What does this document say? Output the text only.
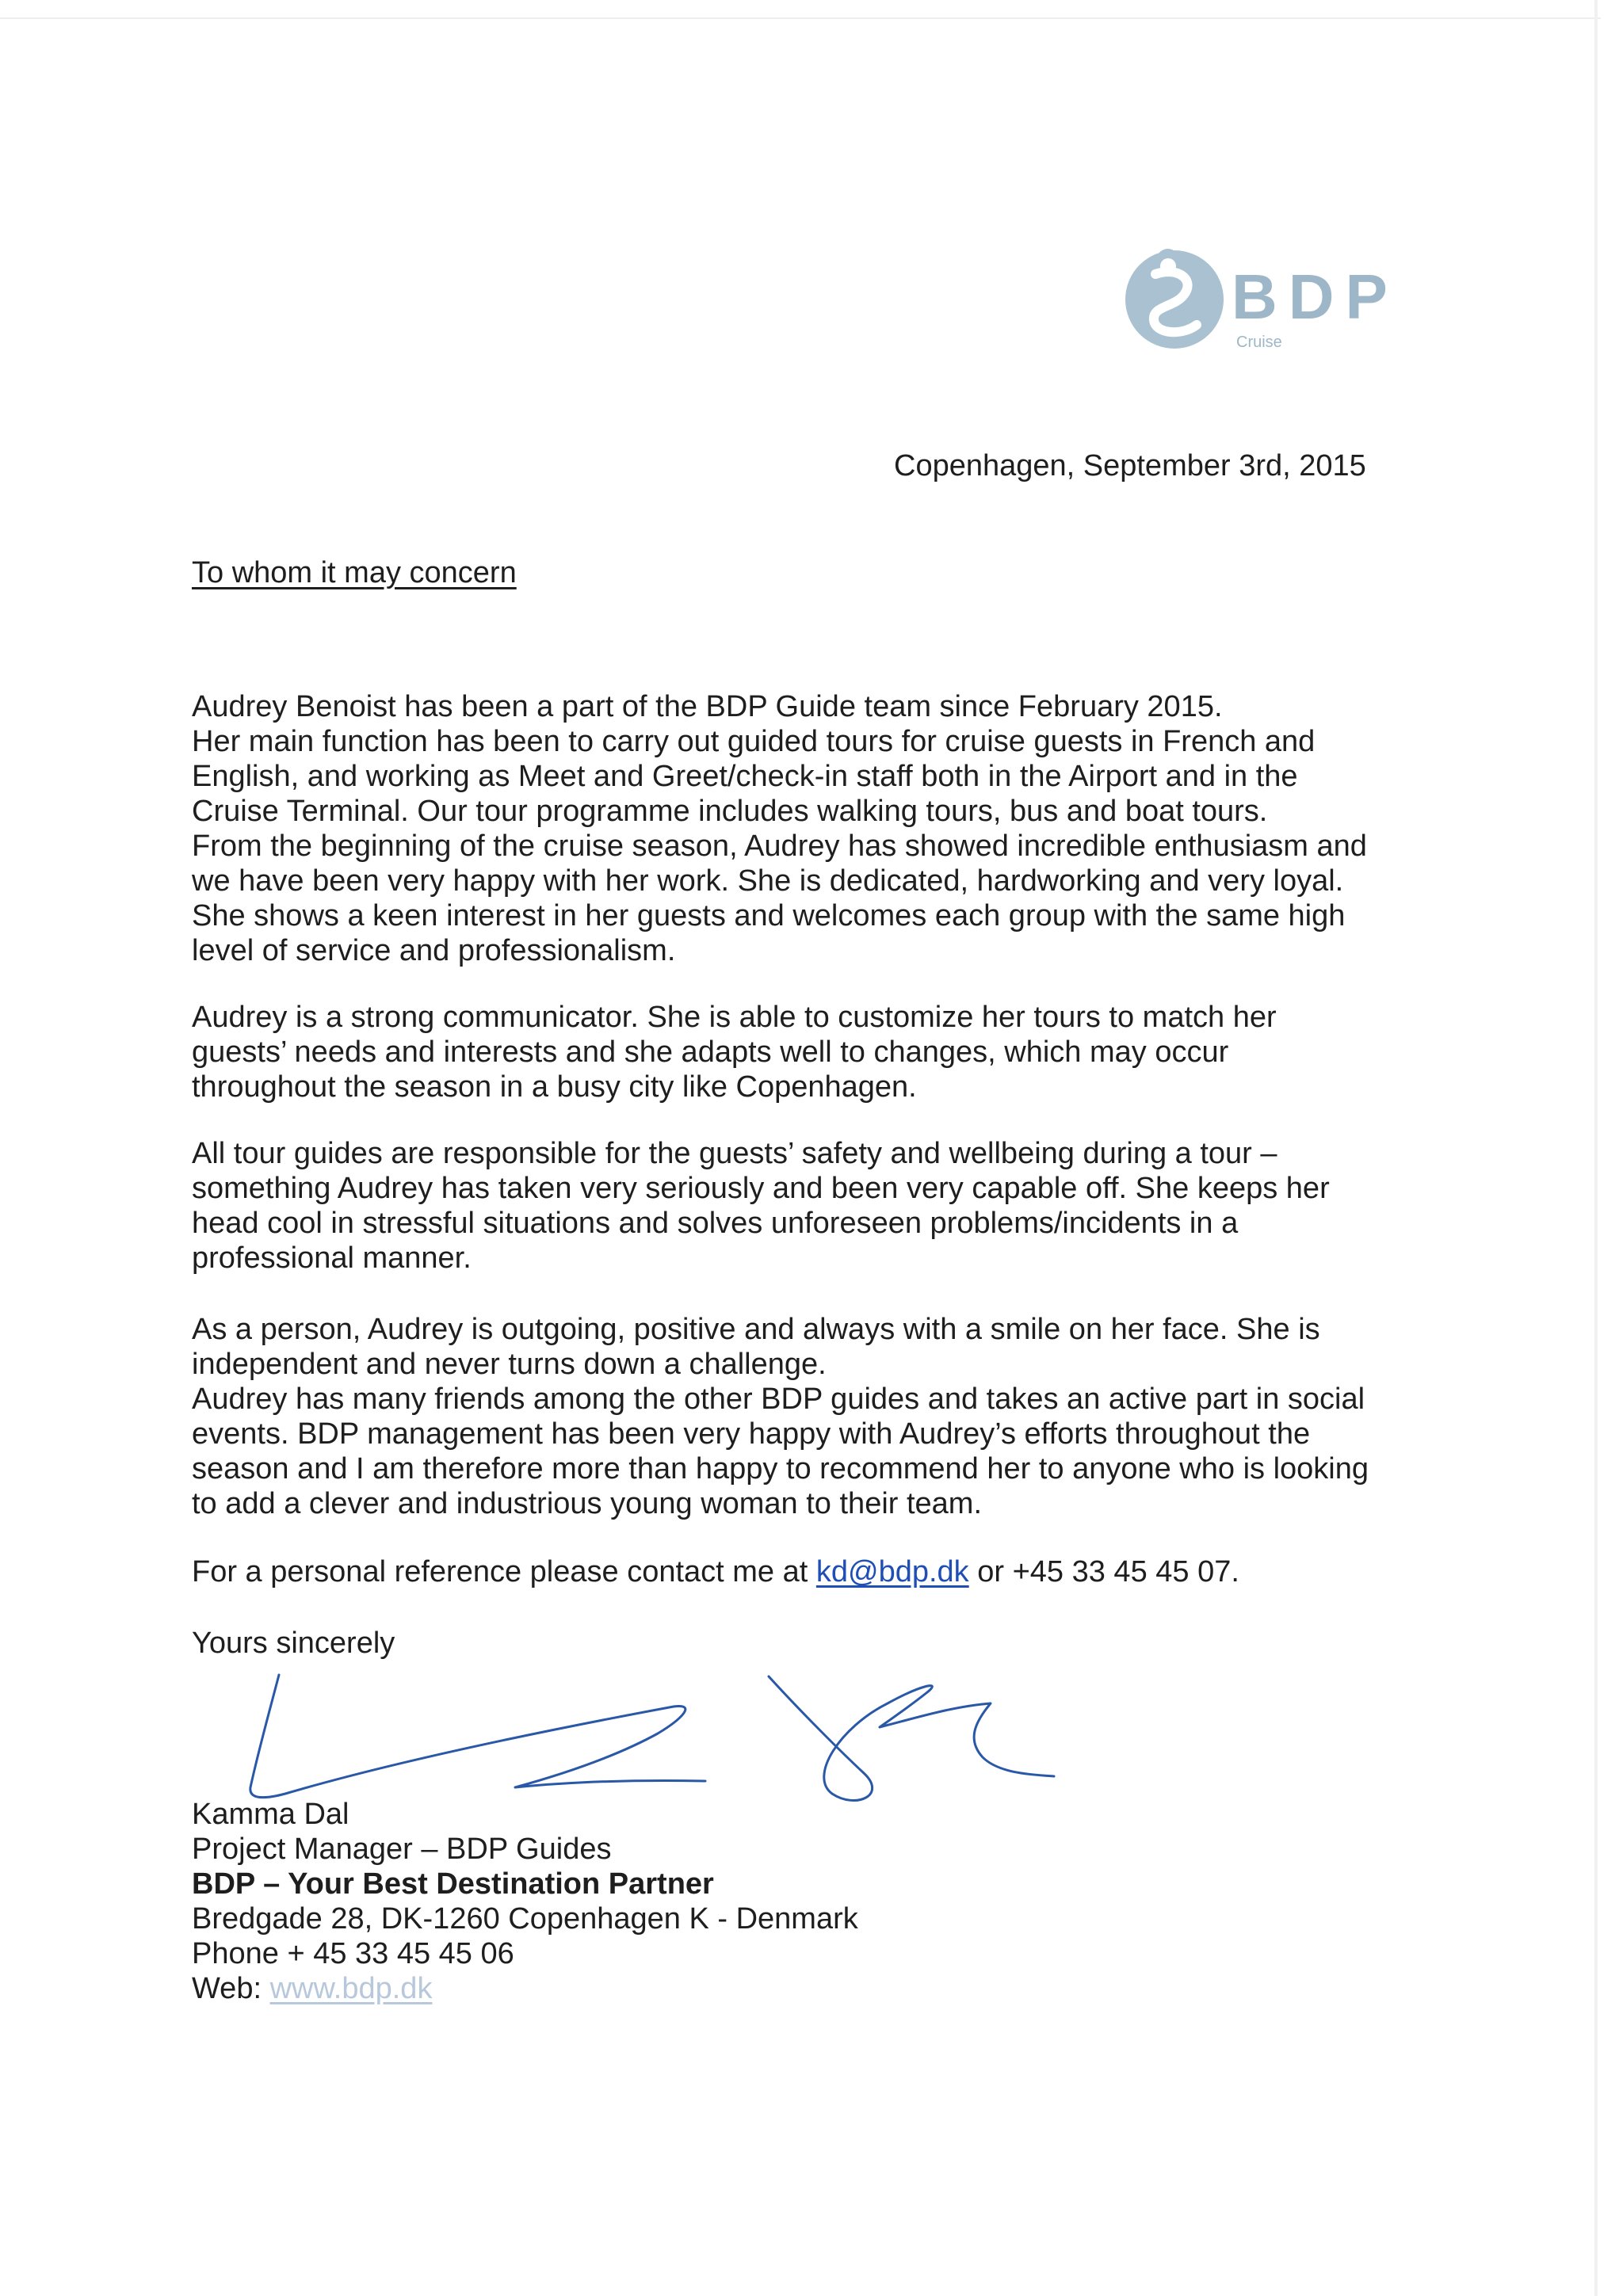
BDP
Cruise
Copenhagen, September 3rd, 2015
To whom it may concern
Audrey Benoist has been a part of the BDP Guide team since February 2015.
Her main function has been to carry out guided tours for cruise guests in French and
English, and working as Meet and Greet/check-in staff both in the Airport and in the
Cruise Terminal. Our tour programme includes walking tours, bus and boat tours.
From the beginning of the cruise season, Audrey has showed incredible enthusiasm and
we have been very happy with her work. She is dedicated, hardworking and very loyal.
She shows a keen interest in her guests and welcomes each group with the same high
level of service and professionalism.
Audrey is a strong communicator. She is able to customize her tours to match her
guests’ needs and interests and she adapts well to changes, which may occur
throughout the season in a busy city like Copenhagen.
All tour guides are responsible for the guests’ safety and wellbeing during a tour –
something Audrey has taken very seriously and been very capable off. She keeps her
head cool in stressful situations and solves unforeseen problems/incidents in a
professional manner.
As a person, Audrey is outgoing, positive and always with a smile on her face. She is
independent and never turns down a challenge.
Audrey has many friends among the other BDP guides and takes an active part in social
events. BDP management has been very happy with Audrey’s efforts throughout the
season and I am therefore more than happy to recommend her to anyone who is looking
to add a clever and industrious young woman to their team.
For a personal reference please contact me at kd@bdp.dk or +45 33 45 45 07.
Yours sincerely
Kamma Dal
Project Manager – BDP Guides
BDP – Your Best Destination Partner
Bredgade 28, DK-1260 Copenhagen K - Denmark
Phone + 45 33 45 45 06
Web: www.bdp.dk
